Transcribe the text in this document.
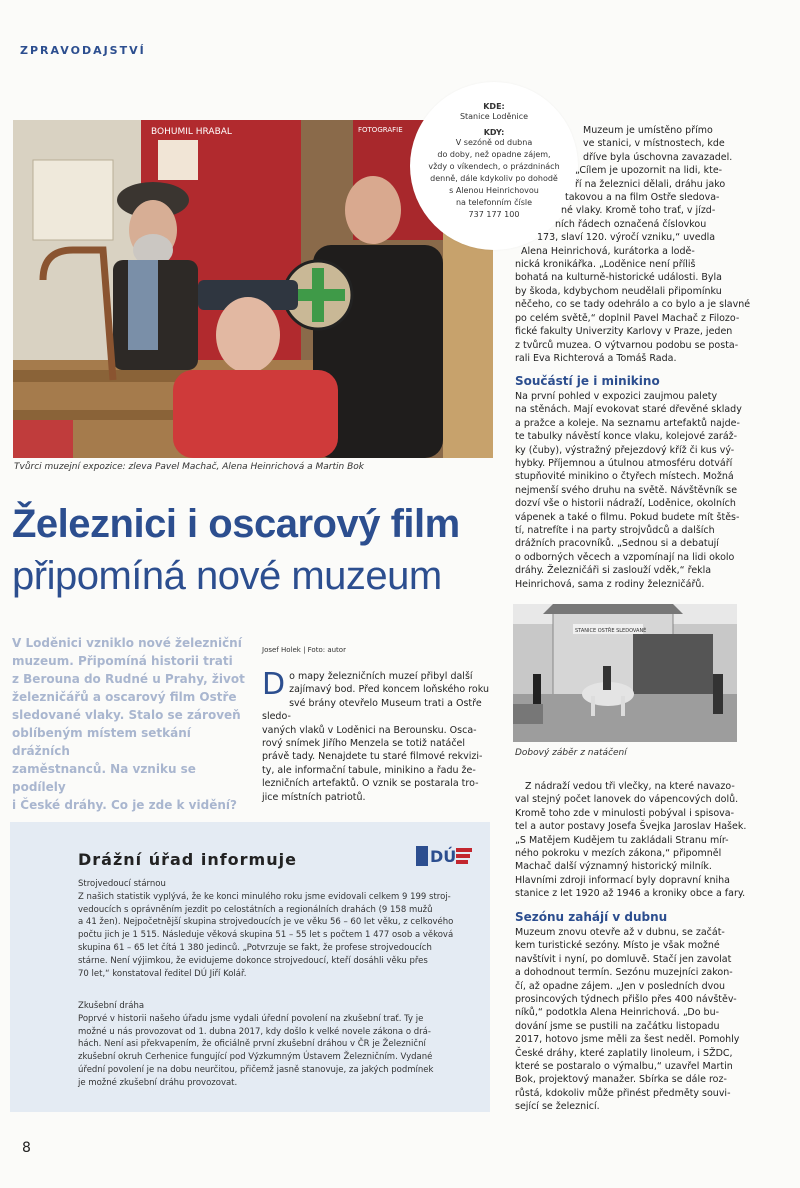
ZPRAVODAJSTVÍ
BOHUMIL HRABAL	FOTOGRAFIE
KDE:
Stanice Loděnice
KDY:
V sezóně od dubna
do doby, než opadne zájem,
vždy o víkendech, o prázdninách
denně, dále kdykoliv po dohodě
s Alenou Heinrichovou
na telefonním čísle
737 177 100
Tvůrci muzejní expozice: zleva Pavel Machač, Alena Heinrichová a Martin Bok
Muzeum je umístěno přímo
ve stanici, v místnostech, kde
dříve byla úschovna zavazadel.
„Cílem je upozornit na lidi, kte-
ří na železnici dělali, dráhu jako
takovou a na film Ostře sledova-
né vlaky. Kromě toho trať, v jízd-
ních řádech označená číslovkou
173, slaví 120. výročí vzniku,“ uvedla
Alena Heinrichová, kurátorka a lodě-
nická kronikářka. „Loděnice není příliš
bohatá na kulturně-historické události. Byla
by škoda, kdybychom neudělali připomínku
něčeho, co se tady odehrálo a co bylo a je slavné
po celém světě,“ doplnil Pavel Machač z Filozo-
fické fakulty Univerzity Karlovy v Praze, jeden
z tvůrců muzea. O výtvarnou podobu se posta-
rali Eva Richterová a Tomáš Rada.
Součástí je i minikino
Na první pohled v expozici zaujmou palety
na stěnách. Mají evokovat staré dřevěné sklady
a pražce a koleje. Na seznamu artefaktů najde-
te tabulky návěstí konce vlaku, kolejové zaráž-
ky (čuby), výstražný přejezdový kříž či kus vý-
hybky. Příjemnou a útulnou atmosféru dotváří
stupňovité minikino o čtyřech místech. Možná
nejmenší svého druhu na světě. Návštěvník se
dozví vše o historii nádraží, Loděnice, okolních
vápenek a také o filmu. Pokud budete mít štěs-
tí, natrefíte i na party strojvůdců a dalších
drážních pracovníků. „Sednou si a debatují
o odborných věcech a vzpomínají na lidi okolo
dráhy. Železničáři si zaslouží vděk,“ řekla
Heinrichová, sama z rodiny železničářů.
STANICE OSTŘE SLEDOVANÉ
Dobový záběr z natáčení
Z nádraží vedou tři vlečky, na které navazo-
val stejný počet lanovek do vápencových dolů.
Kromě toho zde v minulosti pobýval i spisova-
tel a autor postavy Josefa Švejka Jaroslav Hašek.
„S Matějem Kudějem tu zakládali Stranu mír-
ného pokroku v mezích zákona,“ připomněl
Machač další významný historický milník.
Hlavními zdroji informací byly dopravní kniha
stanice z let 1920 až 1946 a kroniky obce a fary.
Sezónu zahájí v dubnu
Muzeum znovu otevře až v dubnu, se začát-
kem turistické sezóny. Místo je však možné
navštívit i nyní, po domluvě. Stačí jen zavolat
a dohodnout termín. Sezónu muzejníci zakon-
čí, až opadne zájem. „Jen v posledních dvou
prosincových týdnech přišlo přes 400 návštěv-
níků,“ podotkla Alena Heinrichová. „Do bu-
dování jsme se pustili na začátku listopadu
2017, hotovo jsme měli za šest neděl. Pomohly
České dráhy, které zaplatily linoleum, i SŽDC,
které se postaralo o výmalbu,“ uzavřel Martin
Bok, projektový manažer. Sbírka se dále roz-
růstá, kdokoliv může přinést předměty souvi-
sející se železnicí.
Železnici i oscarový film
připomíná nové muzeum
V Loděnici vzniklo nové železniční
muzeum. Připomíná historii trati
z Berouna do Rudné u Prahy, život
železničářů a oscarový film Ostře
sledované vlaky. Stalo se zároveň
oblíbeným místem setkání drážních
zaměstnanců. Na vzniku se podílely
i České dráhy. Co je zde k vidění?
Josef Holek | Foto: autor
D o mapy železničních muzeí přibyl další
zajímavý bod. Před koncem loňského roku
své brány otevřelo Museum trati a Ostře sledo-
vaných vlaků v Loděnici na Berounsku. Osca-
rový snímek Jiřího Menzela se totiž natáčel
právě tady. Nenajdete tu staré filmové rekvizi-
ty, ale informační tabule, minikino a řadu že-
lezničních artefaktů. O vznik se postarala tro-
jice místních patriotů.
Drážní úřad informuje	DÚ
Strojvedoucí stárnou
Z našich statistik vyplývá, že ke konci minulého roku jsme evidovali celkem 9 199 stroj-
vedoucích s oprávněním jezdit po celostátních a regionálních drahách (9 158 mužů
a 41 žen). Nejpočetnější skupina strojvedoucích je ve věku 56 – 60 let věku, z celkového
počtu jich je 1 515. Následuje věková skupina 51 – 55 let s počtem 1 477 osob a věková
skupina 61 – 65 let čítá 1 380 jedinců. „Potvrzuje se fakt, že profese strojvedoucích
stárne. Není výjimkou, že evidujeme dokonce strojvedoucí, kteří dosáhli věku přes
70 let,“ konstatoval ředitel DÚ Jiří Kolář.
Zkušební dráha
Poprvé v historii našeho úřadu jsme vydali úřední povolení na zkušební trať. Ty je
možné u nás provozovat od 1. dubna 2017, kdy došlo k velké novele zákona o drá-
hách. Není asi překvapením, že oficiálně první zkušební dráhou v ČR je Železniční
zkušební okruh Cerhenice fungující pod Výzkumným Ústavem Železničním. Vydané
úřední povolení je na dobu neurčitou, přičemž jasně stanovuje, za jakých podmínek
je možné zkušební dráhu provozovat.
8
